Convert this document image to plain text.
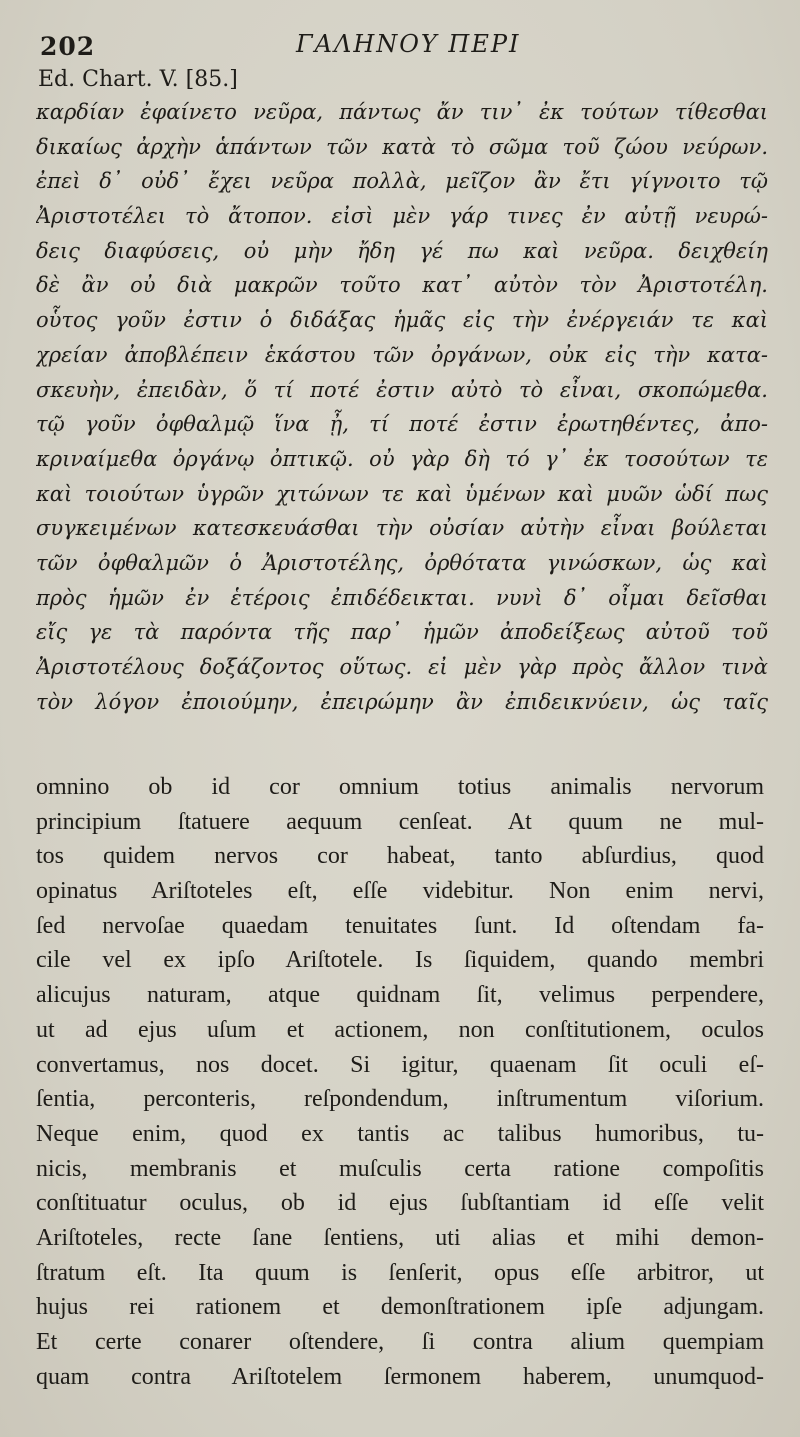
202	ΓΑΛΗΝΟΥ ΠΕΡΙ
Ed. Chart. V. [85.]
καρδίαν ἐφαίνετο νεῦρα, πάντως ἄν τιν᾽ ἐκ τούτων τίθεσθαι
δικαίως ἀρχὴν ἁπάντων τῶν κατὰ τὸ σῶμα τοῦ ζώου νεύρων.
ἐπεὶ δ᾽ οὐδ᾽ ἔχει νεῦρα πολλὰ, μεῖζον ἂν ἔτι γίγνοιτο τῷ
Ἀριστοτέλει τὸ ἄτοπον. εἰσὶ μὲν γάρ τινες ἐν αὐτῇ νευρώ-
δεις διαφύσεις, οὐ μὴν ἤδη γέ πω καὶ νεῦρα. δειχθείη
δὲ ἂν οὐ διὰ μακρῶν τοῦτο κατ᾽ αὐτὸν τὸν Ἀριστοτέλη.
οὗτος γοῦν ἐστιν ὁ διδάξας ἡμᾶς εἰς τὴν ἐνέργειάν τε καὶ
χρείαν ἀποβλέπειν ἑκάστου τῶν ὀργάνων, οὐκ εἰς τὴν κατα-
σκευὴν, ἐπειδὰν, ὅ τί ποτέ ἐστιν αὐτὸ τὸ εἶναι, σκοπώμεθα.
τῷ γοῦν ὀφθαλμῷ ἵνα ᾖ, τί ποτέ ἐστιν ἐρωτηθέντες, ἀπο-
κριναίμεθα ὀργάνῳ ὀπτικῷ. οὐ γὰρ δὴ τό γ᾽ ἐκ τοσούτων τε
καὶ τοιούτων ὑγρῶν χιτώνων τε καὶ ὑμένων καὶ μυῶν ὡδί πως
συγκειμένων κατεσκευάσθαι τὴν οὐσίαν αὐτὴν εἶναι βούλεται
τῶν ὀφθαλμῶν ὁ Ἀριστοτέλης, ὀρθότατα γινώσκων, ὡς καὶ
πρὸς ἡμῶν ἐν ἑτέροις ἐπιδέδεικται. νυνὶ δ᾽ οἶμαι δεῖσθαι
εἴς γε τὰ παρόντα τῆς παρ᾽ ἡμῶν ἀποδείξεως αὐτοῦ τοῦ
Ἀριστοτέλους δοξάζοντος οὕτως. εἰ μὲν γὰρ πρὸς ἄλλον τινὰ
τὸν λόγον ἐποιούμην, ἐπειρώμην ἂν ἐπιδεικνύειν, ὡς ταῖς
omnino ob id cor omnium totius animalis nervorum
principium ſtatuere aequum cenſeat. At quum ne mul-
tos quidem nervos cor habeat, tanto abſurdius, quod
opinatus Ariſtoteles eſt, eſſe videbitur. Non enim nervi,
ſed nervoſae quaedam tenuitates ſunt. Id oſtendam fa-
cile vel ex ipſo Ariſtotele. Is ſiquidem, quando membri
alicujus naturam, atque quidnam ſit, velimus perpendere,
ut ad ejus uſum et actionem, non conſtitutionem, oculos
convertamus, nos docet. Si igitur, quaenam ſit oculi eſ-
ſentia, perconteris, reſpondendum, inſtrumentum viſorium.
Neque enim, quod ex tantis ac talibus humoribus, tu-
nicis, membranis et muſculis certa ratione compoſitis
conſtituatur oculus, ob id ejus ſubſtantiam id eſſe velit
Ariſtoteles, recte ſane ſentiens, uti alias et mihi demon-
ſtratum eſt. Ita quum is ſenſerit, opus eſſe arbitror, ut
hujus rei rationem et demonſtrationem ipſe adjungam.
Et certe conarer oſtendere, ſi contra alium quempiam
quam contra Ariſtotelem ſermonem haberem, unumquod-
